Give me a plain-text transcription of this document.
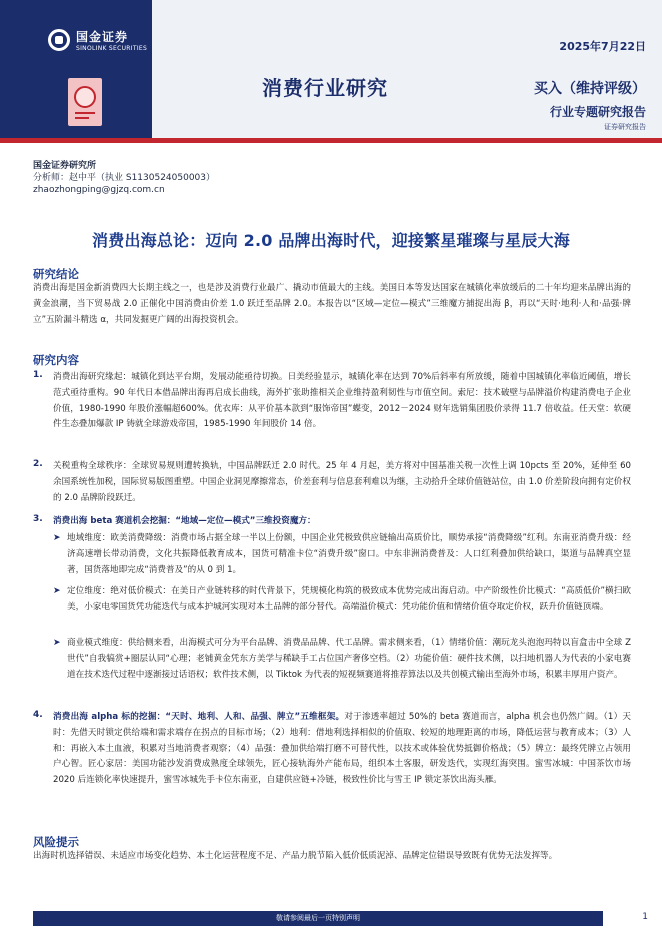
国金证券
SINOLINK SECURITIES
消费行业研究
2025年7月22日
买入（维持评级）
行业专题研究报告
证券研究报告
国金证券研究所
分析师：赵中平（执业 S1130524050003）
zhaozhongping@gjzq.com.cn
消费出海总论：迈向 2.0 品牌出海时代，迎接繁星璀璨与星辰大海
研究结论
消费出海是国金新消费四大长期主线之一，也是涉及消费行业最广、撬动市值最大的主线。美国日本等发达国家在城镇化率放缓后的二十年均迎来品牌出海的黄金浪潮，当下贸易战 2.0 正催化中国消费由价差 1.0 跃迁至品牌 2.0。本报告以“区域—定位—模式”三维魔方捕捉出海 β，再以“天时·地利·人和·品强·牌立”五阶漏斗精选 α，共同发掘更广阔的出海投资机会。
研究内容
1. 消费出海研究缘起：城镇化到达平台期，发展动能亟待切换。日美经验显示，城镇化率在达到 70%后斜率有所放缓，随着中国城镇化率临近阈值，增长范式亟待重构。90 年代日本借品牌出海再启成长曲线，海外扩张助推相关企业维持盈利韧性与市值空间。索尼：技术破壁与品牌溢价构建消费电子企业价值，1980-1990 年股价涨幅超600%。优衣库：从平价基本款到“服饰帝国”蝶变，2012－2024 财年选销集团股价录得 11.7 倍收益。任天堂：软硬件生态叠加爆款 IP 铸就全球游戏帝国，1985-1990 年间股价 14 倍。
2. 关税重构全球秩序：全球贸易规则遭转换轨，中国品牌跃迁 2.0 时代。25 年 4 月起，美方将对中国基准关税一次性上调 10pcts 至 20%，延伸至 60 余国系统性加税，国际贸易版图重塑。中国企业洞见摩擦常态，价差套利与信息套利难以为继，主动拾升全球价值链站位，由 1.0 价差阶段向拥有定价权的 2.0 品牌阶段跃迁。
3. 消费出海 beta 赛道机会挖掘：“地域—定位—模式”三维投资魔方：
➤ 地域维度：欧美消费降级：消费市场占据全球一半以上份额，中国企业凭极致供应链输出高质价比，顺势承接“消费降级”红利。东南亚消费升级：经济高速增长带动消费，文化共振降低教育成本，国货可精准卡位“消费升级”窗口。中东非洲消费普及：人口红利叠加供给缺口，渠道与品牌真空显著，国货落地即完成“消费普及”的从 0 到 1。
➤ 定位维度：绝对低价模式：在美日产业链转移的时代背景下，凭规模化构筑的极致成本优势完成出海启动。中产阶级性价比模式：“高质低价”横扫欧美，小家电零国货凭功能迭代与成本护城河实现对本土品牌的部分替代。高端溢价模式：凭功能价值和情绪价值夺取定价权，跃升价值链顶端。
➤ 商业模式维度：供给侧来看，出海模式可分为平台品牌、消费品品牌、代工品牌。需求侧来看，（1）情绪价值：潮玩龙头泡泡玛特以盲盒击中全球 Z 世代”自我犒赏+圈层认同“心理；老铺黄金凭东方美学与稀缺手工占位国产奢侈空档。（2）功能价值：硬件技术侧，以扫地机器人为代表的小家电赛道在技术迭代过程中逐渐接过话语权；软件技术侧，以 Tiktok 为代表的短视频赛道将推荐算法以及共创模式输出至海外市场，积累丰厚用户资产。
4. 消费出海 alpha 标的挖掘：“天时、地利、人和、品强、牌立”五维框架。对于渗透率超过 50%的 beta 赛道而言，alpha 机会也仍然广阔。（1）天时：先借天时锁定供给端和需求端存在拐点的目标市场；（2）地利：借地利选择相似的价值取、较短的地理距离的市场，降低运营与教育成本；（3）人和：再嵌入本土血液，积累对当地消费者观察；（4）品强：叠加供给端打磨不可替代性，以技术或体验优势抵御价格战；（5）牌立：最终凭牌立占领用户心智。匠心家居：美国功能沙发消费成熟度全球领先，匠心接轨海外产能布局，组织本土客服，研发迭代，实现红海突围。蜜雪冰城：中国茶饮市场 2020 后连锁化率快速提升，蜜雪冰城先手卡位东南亚，自建供应链+冷链，极致性价比与雪王 IP 锁定茶饮出海头雁。
风险提示
出海时机选择错误、未适应市场变化趋势、本土化运营程度不足、产品力脱节陷入低价低质泥淖、品牌定位错误导致既有优势无法发挥等。
敬请参阅最后一页特别声明	1
